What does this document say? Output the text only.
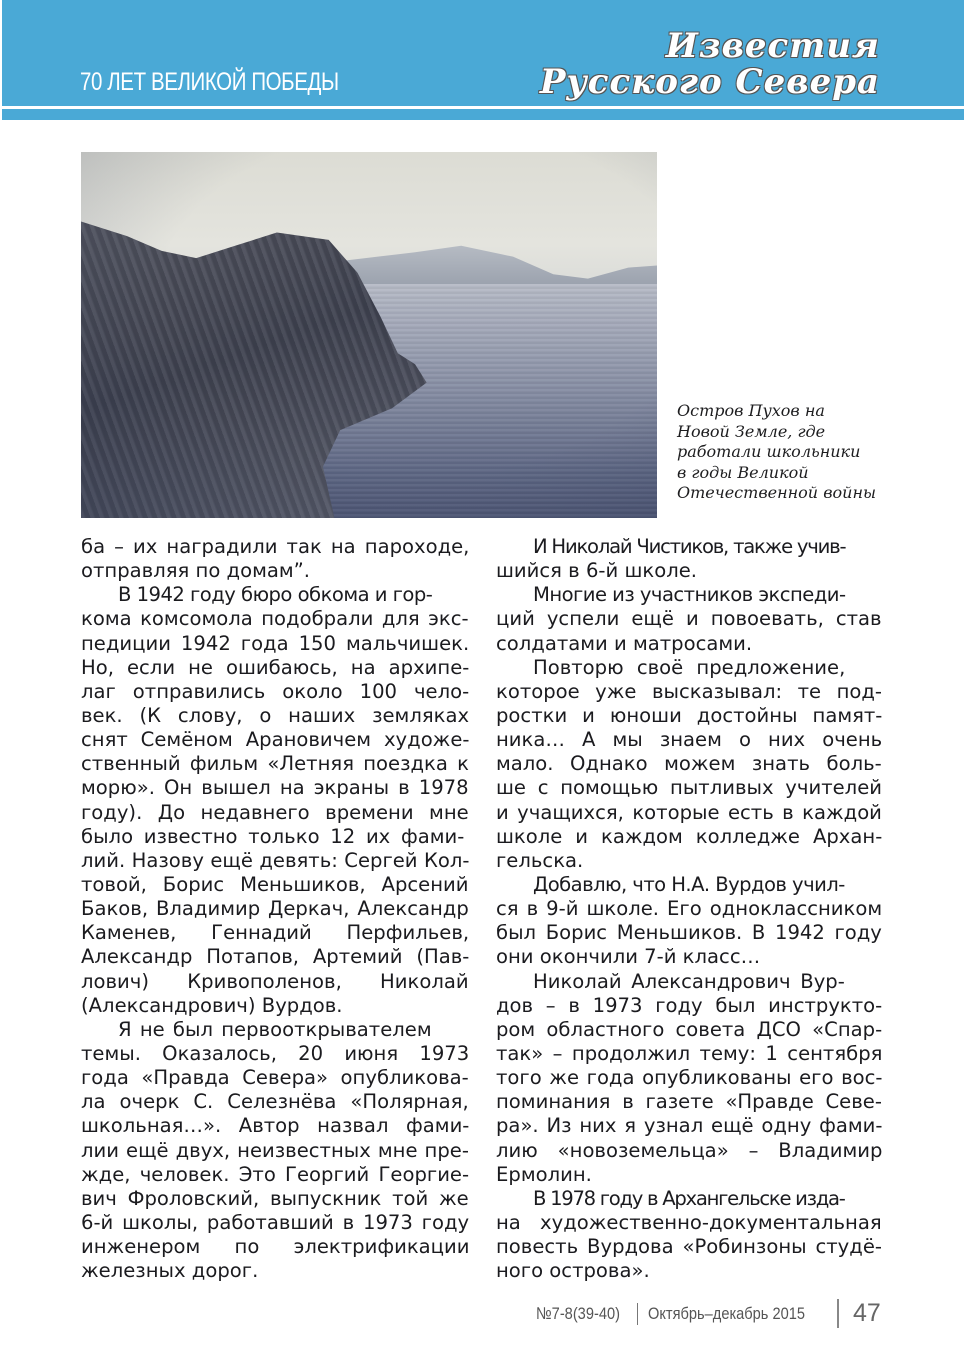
70 ЛЕТ ВЕЛИКОЙ ПОБЕДЫ
Известия
Русского Севера
Остров Пухов на
Новой Земле, где
работали школьники
в годы Великой
Отечественной войны
ба – их наградили так на пароходе,
отправляя по домам”.
В 1942 году бюро обкома и гор-
кома комсомола подобрали для экс-
педиции 1942 года 150 мальчишек.
Но, если не ошибаюсь, на архипе-
лаг отправились около 100 чело-
век. (К слову, о наших земляках
снят Семёном Арановичем художе-
ственный фильм «Летняя поездка к
морю». Он вышел на экраны в 1978
году). До недавнего времени мне
было известно только 12 их фами-
лий. Назову ещё девять: Сергей Кол-
товой, Борис Меньшиков, Арсений
Баков, Владимир Деркач, Александр
Каменев, Геннадий Перфильев,
Александр Потапов, Артемий (Пав-
лович) Кривополенов, Николай
(Александрович) Вурдов.
Я не был первооткрывателем
темы. Оказалось, 20 июня 1973
года «Правда Севера» опубликова-
ла очерк С. Селезнёва «Полярная,
школьная…». Автор назвал фами-
лии ещё двух, неизвестных мне пре-
жде, человек. Это Георгий Георгие-
вич Фроловский, выпускник той же
6-й школы, работавший в 1973 году
инженером по электрификации
железных дорог.
И Николай Чистиков, также учив-
шийся в 6-й школе.
Многие из участников экспеди-
ций успели ещё и повоевать, став
солдатами и матросами.
Повторю своё предложение,
которое уже высказывал: те под-
ростки и юноши достойны памят-
ника… А мы знаем о них очень
мало. Однако можем знать боль-
ше с помощью пытливых учителей
и учащихся, которые есть в каждой
школе и каждом колледже Архан-
гельска.
Добавлю, что Н.А. Вурдов учил-
ся в 9-й школе. Его одноклассником
был Борис Меньшиков. В 1942 году
они окончили 7-й класс…
Николай Александрович Вур-
дов – в 1973 году был инструкто-
ром областного совета ДСО «Спар-
так» – продолжил тему: 1 сентября
того же года опубликованы его вос-
поминания в газете «Правде Севе-
ра». Из них я узнал ещё одну фами-
лию «новоземельца» – Владимир
Ермолин.
В 1978 году в Архангельске изда-
на художественно-документальная
повесть Вурдова «Робинзоны студё-
ного острова».
№7-8(39-40) Октябрь–декабрь 2015 47
